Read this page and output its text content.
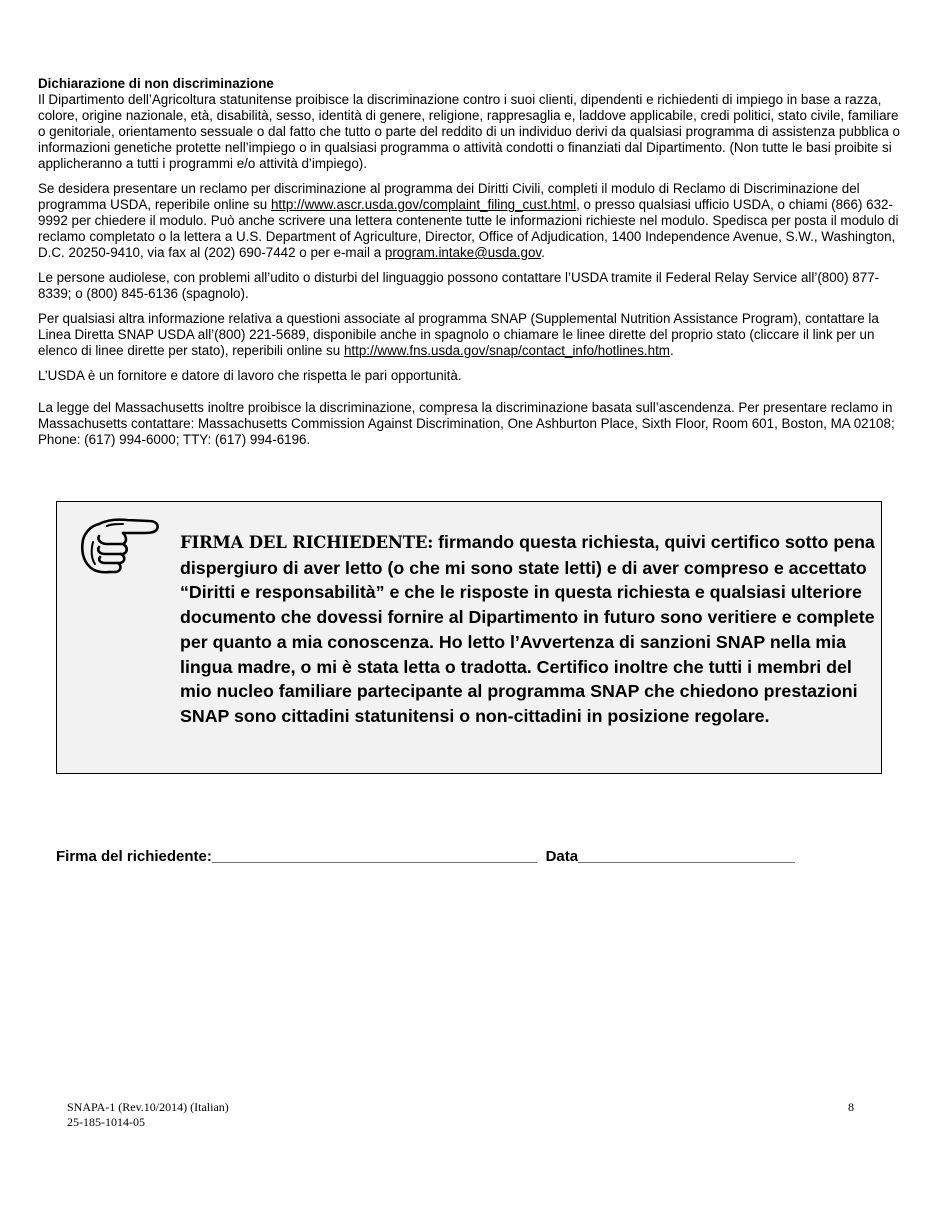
Dichiarazione di non discriminazione

Il Dipartimento dell’Agricoltura statunitense proibisce la discriminazione contro i suoi clienti, dipendenti e richiedenti di impiego in base a razza, colore, origine nazionale, età, disabilità, sesso, identità di genere, religione, rappresaglia e, laddove applicabile, credi politici, stato civile, familiare o genitoriale, orientamento sessuale o dal fatto che tutto o parte del reddito di un individuo derivi da qualsiasi programma di assistenza pubblica o informazioni genetiche protette nell’impiego o in qualsiasi programma o attività condotti o finanziati dal Dipartimento. (Non tutte le basi proibite si applicheranno a tutti i programmi e/o attività d’impiego).

Se desidera presentare un reclamo per discriminazione al programma dei Diritti Civili, completi il modulo di Reclamo di Discriminazione del programma USDA, reperibile online su http://www.ascr.usda.gov/complaint_filing_cust.html, o presso qualsiasi ufficio USDA, o chiami (866) 632-9992 per chiedere il modulo. Può anche scrivere una lettera contenente tutte le informazioni richieste nel modulo. Spedisca per posta il modulo di reclamo completato o la lettera a U.S. Department of Agriculture, Director, Office of Adjudication, 1400 Independence Avenue, S.W., Washington, D.C. 20250-9410, via fax al (202) 690-7442 o per e-mail a program.intake@usda.gov.

Le persone audiolese, con problemi all’udito o disturbi del linguaggio possono contattare l’USDA tramite il Federal Relay Service all’(800) 877-8339; o (800) 845-6136 (spagnolo).

Per qualsiasi altra informazione relativa a questioni associate al programma SNAP (Supplemental Nutrition Assistance Program), contattare la Linea Diretta SNAP USDA all’(800) 221-5689, disponibile anche in spagnolo o chiamare le linee dirette del proprio stato (cliccare il link per un elenco di linee dirette per stato), reperibili online su http://www.fns.usda.gov/snap/contact_info/hotlines.htm.

L’USDA è un fornitore e datore di lavoro che rispetta le pari opportunità.

La legge del Massachusetts inoltre proibisce la discriminazione, compresa la discriminazione basata sull’ascendenza. Per presentare reclamo in Massachusetts contattare: Massachusetts Commission Against Discrimination, One Ashburton Place, Sixth Floor, Room 601, Boston, MA 02108; Phone: (617) 994-6000; TTY: (617) 994-6196.

FIRMA DEL RICHIEDENTE: firmando questa richiesta, quivi certifico sotto pena dispergiuro di aver letto (o che mi sono state letti) e di aver compreso e accettato “Diritti e responsabilità” e che le risposte in questa richiesta e qualsiasi ulteriore documento che dovessi fornire al Dipartimento in futuro sono veritiere e complete per quanto a mia conoscenza. Ho letto l’Avvertenza di sanzioni SNAP nella mia lingua madre, o mi è stata letta o tradotta. Certifico inoltre che tutti i membri del mio nucleo familiare partecipante al programma SNAP che chiedono prestazioni SNAP sono cittadini statunitensi o non-cittadini in posizione regolare.
Firma del richiedente:_______________________________________ Data__________________________
SNAPA-1 (Rev.10/2014) (Italian)
25-185-1014-05
8
